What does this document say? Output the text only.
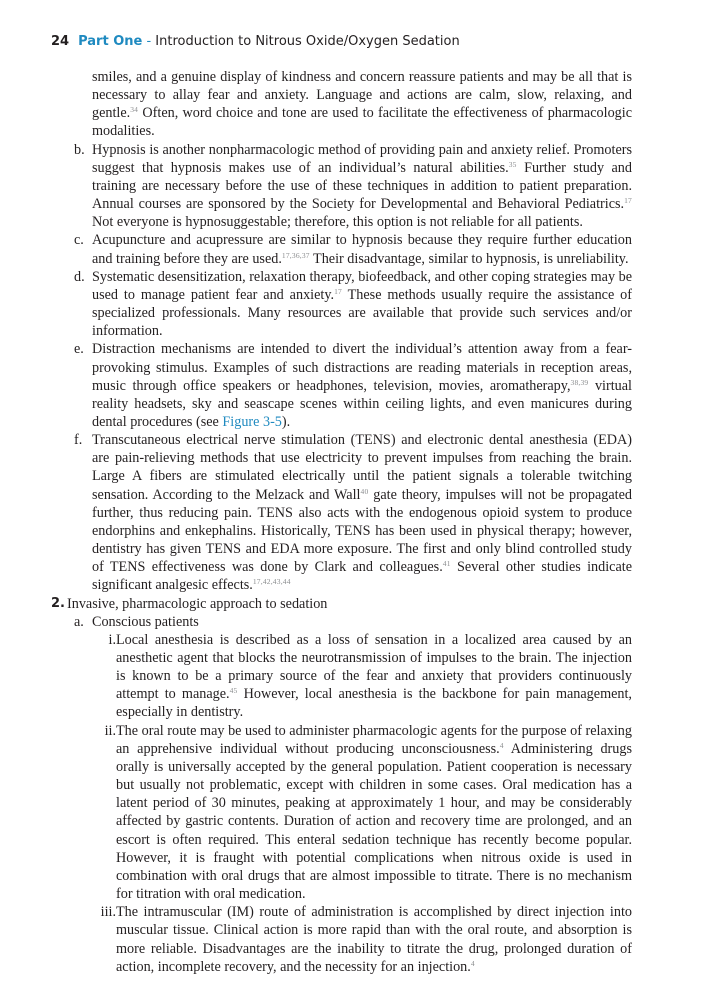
24 Part One - Introduction to Nitrous Oxide/Oxygen Sedation

smiles, and a genuine display of kindness and concern reassure patients and may be all that is necessary to allay fear and anxiety. Language and actions are calm, slow, relaxing, and gentle.$^{34}$ Often, word choice and tone are used to facilitate the effectiveness of pharmacologic modalities.

b. Hypnosis is another nonpharmacologic method of providing pain and anxiety relief. Promoters suggest that hypnosis makes use of an individual’s natural abilities.$^{35}$ Further study and training are necessary before the use of these techniques in addition to patient preparation. Annual courses are sponsored by the Society for Developmental and Behavioral Pediatrics.$^{17}$ Not everyone is hypnosuggestable; therefore, this option is not reliable for all patients.

c. Acupuncture and acupressure are similar to hypnosis because they require further education and training before they are used.$^{17,36,37}$ Their disadvantage, similar to hypnosis, is unreliability.

d. Systematic desensitization, relaxation therapy, biofeedback, and other coping strategies may be used to manage patient fear and anxiety.$^{17}$ These methods usually require the assistance of specialized professionals. Many resources are available that provide such services and/or information.

e. Distraction mechanisms are intended to divert the individual’s attention away from a fear-provoking stimulus. Examples of such distractions are reading materials in reception areas, music through office speakers or headphones, television, movies, aromatherapy,$^{38,39}$ virtual reality headsets, sky and seascape scenes within ceiling lights, and even manicures during dental procedures (see Figure 3-5).

f. Transcutaneous electrical nerve stimulation (TENS) and electronic dental anesthesia (EDA) are pain-relieving methods that use electricity to prevent impulses from reaching the brain. Large A fibers are stimulated electrically until the patient signals a tolerable twitching sensation. According to the Melzack and Wall$^{40}$ gate theory, impulses will not be propagated further, thus reducing pain. TENS also acts with the endogenous opioid system to produce endorphins and enkephalins. Historically, TENS has been used in physical therapy; however, dentistry has given TENS and EDA more exposure. The first and only blind controlled study of TENS effectiveness was done by Clark and colleagues.$^{41}$ Several other studies indicate significant analgesic effects.$^{17,42,43,44}$

2. Invasive, pharmacologic approach to sedation

a. Conscious patients

i. Local anesthesia is described as a loss of sensation in a localized area caused by an anesthetic agent that blocks the neurotransmission of impulses to the brain. The injection is known to be a primary source of the fear and anxiety that providers continuously attempt to manage.$^{45}$ However, local anesthesia is the backbone for pain management, especially in dentistry.

ii. The oral route may be used to administer pharmacologic agents for the purpose of relaxing an apprehensive individual without producing unconsciousness.$^4$ Administering drugs orally is universally accepted by the general population. Patient cooperation is necessary but usually not problematic, except with children in some cases. Oral medication has a latent period of 30 minutes, peaking at approximately 1 hour, and may be considerably affected by gastric contents. Duration of action and recovery time are prolonged, and an escort is often required. This enteral sedation technique has recently become popular. However, it is fraught with potential complications when nitrous oxide is used in combination with oral drugs that are almost impossible to titrate. There is no mechanism for titration with oral medication.

iii. The intramuscular (IM) route of administration is accomplished by direct injection into muscular tissue. Clinical action is more rapid than with the oral route, and absorption is more reliable. Disadvantages are the inability to titrate the drug, prolonged duration of action, incomplete recovery, and the necessity for an injection.$^4$
